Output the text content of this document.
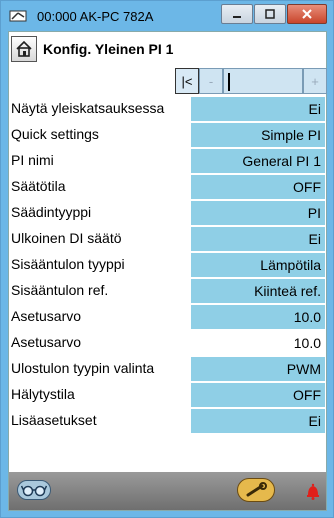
00:000 AK-PC 782A
Konfig. Yleinen PI 1
|< -	+
Näytä yleiskatsauksessa	Ei
Quick settings	Simple PI
PI nimi	General PI 1
Säätötila	OFF
Säädintyyppi	PI
Ulkoinen DI säätö	Ei
Sisääntulon tyyppi	Lämpötila
Sisääntulon ref.	Kiinteä ref.
Asetusarvo	10.0
Asetusarvo	10.0
Ulostulon tyypin valinta	PWM
Hälytystila	OFF
Lisäasetukset	Ei
